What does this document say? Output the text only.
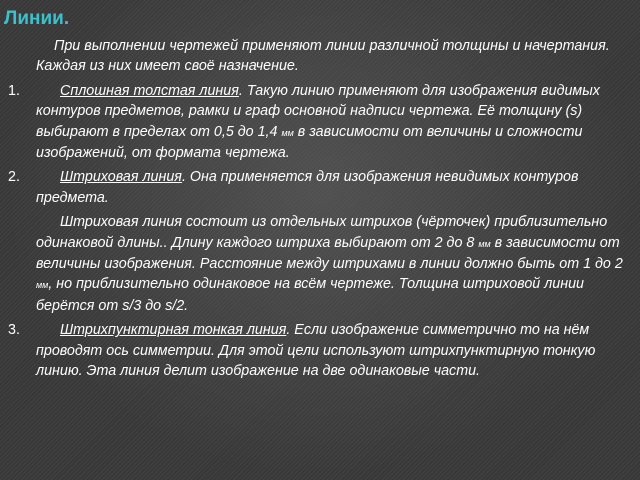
Линии.

При выполнении чертежей применяют линии различной толщины и начертания. Каждая из них имеет своё назначение.

1.	Сплошная толстая линия. Такую линию применяют для изображения видимых контуров предметов, рамки и граф основной надписи чертежа. Её толщину (s) выбирают в пределах от 0,5 до 1,4 мм в зависимости от величины и сложности изображений, от формата чертежа.
2.	Штриховая линия. Она применяется для изображения невидимых контуров предмета.
Штриховая линия состоит из отдельных штрихов (чёрточек) приблизительно одинаковой длины.. Длину каждого штриха выбирают от 2 до 8 мм в зависимости от величины изображения. Расстояние между штрихами в линии должно быть от 1 до 2 мм, но приблизительно одинаковое на всём чертеже. Толщина штриховой линии берётся от s/3 до s/2.
3.	Штрихпунктирная тонкая линия. Если изображение симметрично то на нём проводят ось симметрии. Для этой цели используют штрихпунктирную тонкую линию. Эта линия делит изображение на две одинаковые части.
